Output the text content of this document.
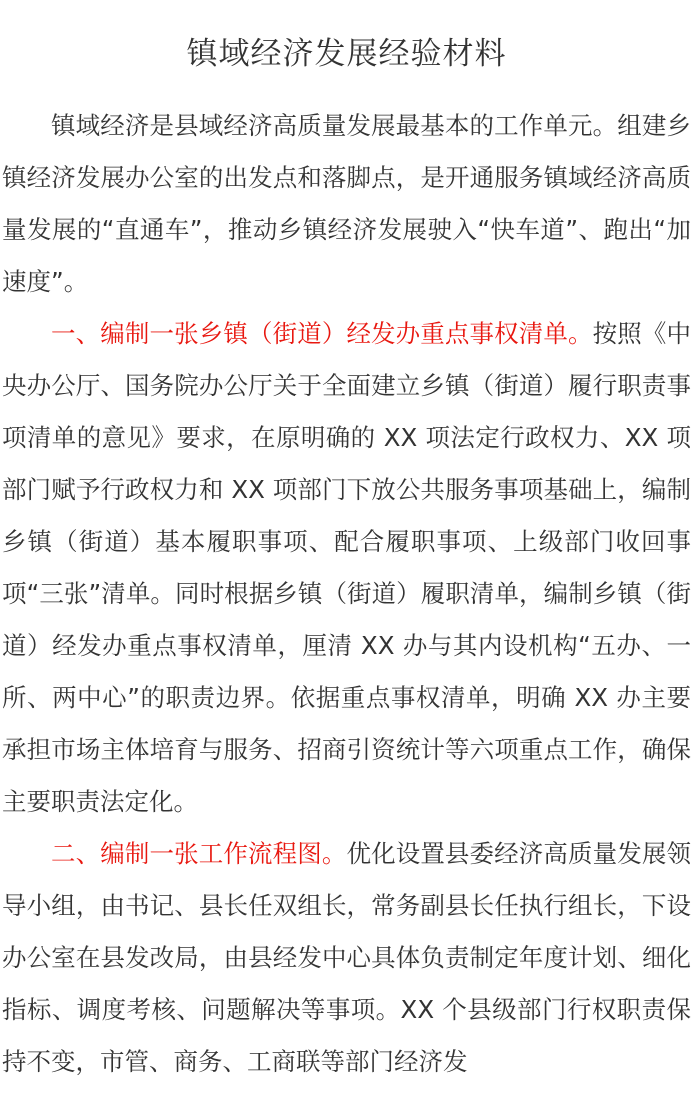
镇域经济发展经验材料

镇域经济是县域经济高质量发展最基本的工作单元。组建乡镇经济发展办公室的出发点和落脚点，是开通服务镇域经济高质量发展的“直通车”，推动乡镇经济发展驶入“快车道”、跑出“加速度”。

一、编制一张乡镇（街道）经发办重点事权清单。按照《中央办公厅、国务院办公厅关于全面建立乡镇（街道）履行职责事项清单的意见》要求，在原明确的 XX 项法定行政权力、XX 项部门赋予行政权力和 XX 项部门下放公共服务事项基础上，编制乡镇（街道）基本履职事项、配合履职事项、上级部门收回事项“三张”清单。同时根据乡镇（街道）履职清单，编制乡镇（街道）经发办重点事权清单，厘清 XX 办与其内设机构“五办、一所、两中心”的职责边界。依据重点事权清单，明确 XX 办主要承担市场主体培育与服务、招商引资统计等六项重点工作，确保主要职责法定化。

二、编制一张工作流程图。优化设置县委经济高质量发展领导小组，由书记、县长任双组长，常务副县长任执行组长，下设办公室在县发改局，由县经发中心具体负责制定年度计划、细化指标、调度考核、问题解决等事项。XX 个县级部门行权职责保持不变，市管、商务、工商联等部门经济发
